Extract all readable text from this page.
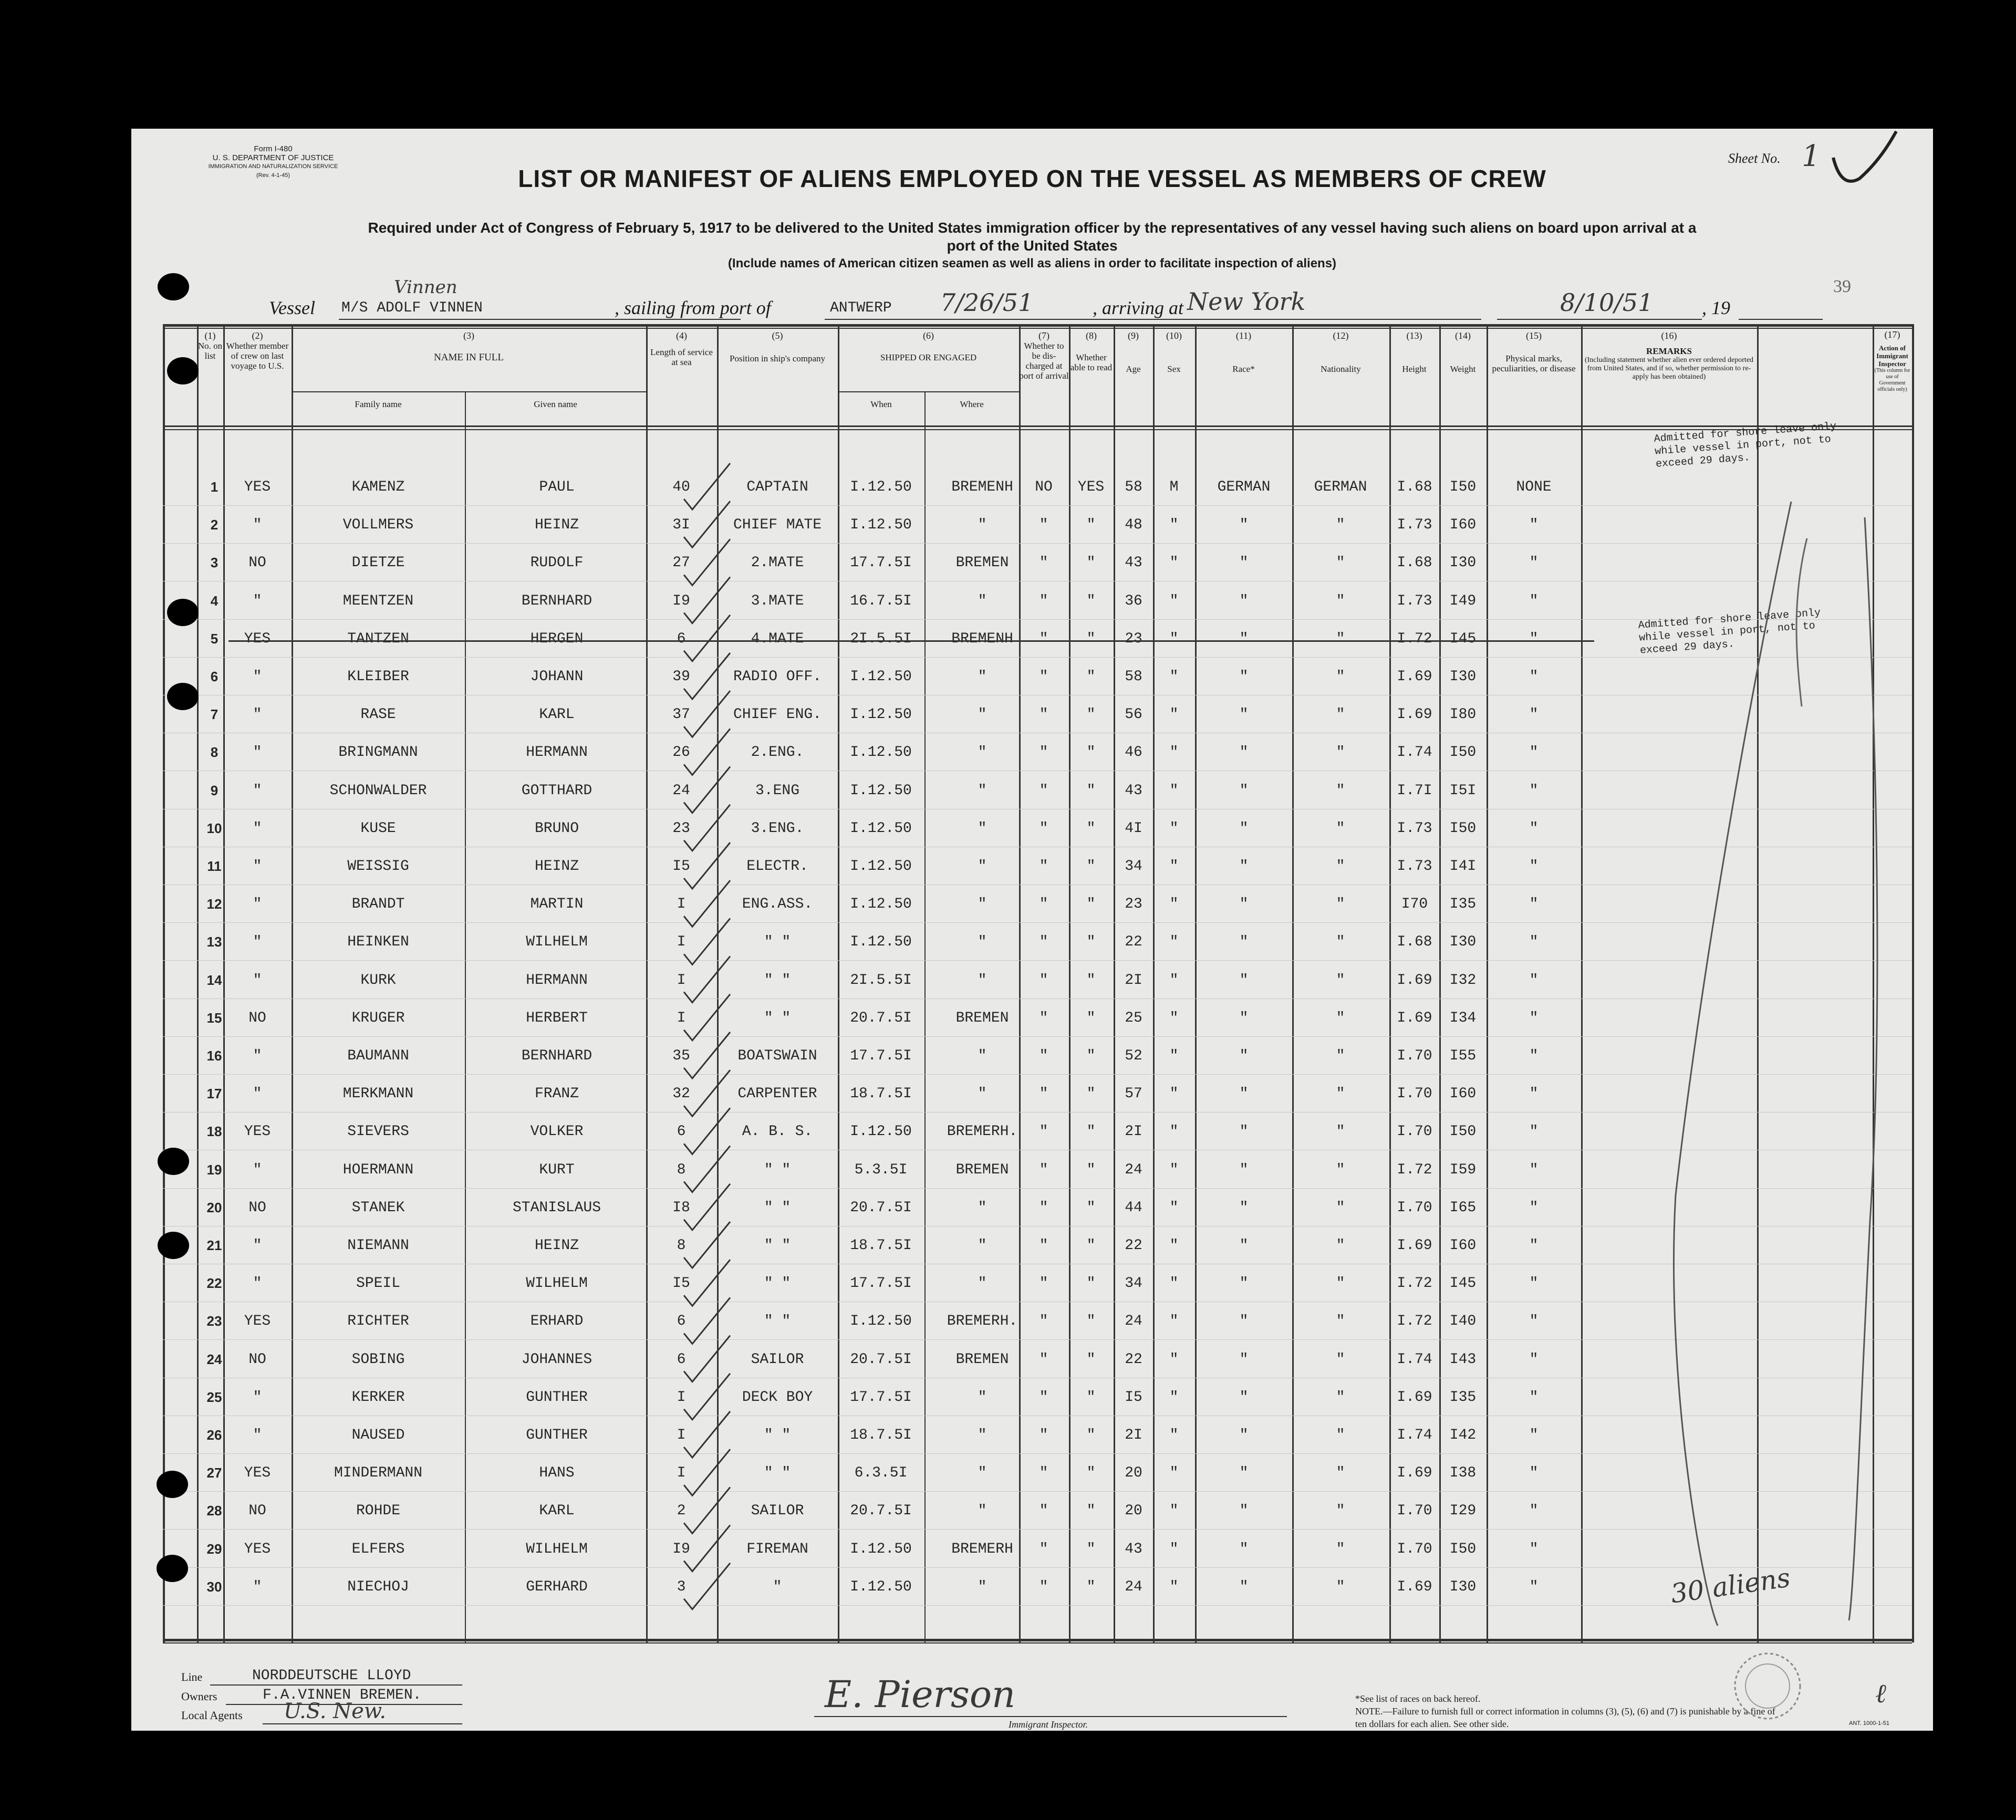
Form I-480
U. S. DEPARTMENT OF JUSTICE
IMMIGRATION AND NATURALIZATION SERVICE
(Rev. 4-1-45)
Sheet No. 1
LIST OR MANIFEST OF ALIENS EMPLOYED ON THE VESSEL AS MEMBERS OF CREW
Required under Act of Congress of February 5, 1917 to be delivered to the United States immigration officer by the representatives of any vessel having such aliens on board upon arrival at a
port of the United States
(Include names of American citizen seamen as well as aliens in order to facilitate inspection of aliens)
39
Vessel M/S ADOLF VINNEN
Vinnen
, sailing from port of	ANTWERP 7/26/51	, arriving at New York	8/10/51	, 19
(1)
No. on list
(2)
Whether member of crew on last voyage to U.S.
(3)
NAME IN FULL
Family name	Given name
(4)
Length of service at sea
(5)
Position in ship's company
(6)
SHIPPED OR ENGAGED
When	Where
(7)
Whether to be dis-charged at port of arrival
(8)
Whether able to read
(9)
Age
(10)
Sex
(11)
Race*
(12)
Nationality
(13)
Height
(14)
Weight
(15)
Physical marks, peculiarities, or disease
(16)
REMARKS
(Including statement whether alien ever ordered deported from United States, and if so, whether permission to re-apply has been obtained)
(17)
Action of Immigrant Inspector
(This column for use of Government officials only)
1	YES	KAMENZ	PAUL	40	CAPTAIN	I.12.50	BREMENH	NO	YES	58	M	GERMAN	GERMAN	I.68	I50	NONE
2	"	VOLLMERS	HEINZ	3I	CHIEF MATE	I.12.50	"	"	"	48	"	"	"	I.73	I60	"
3	NO	DIETZE	RUDOLF	27	2.MATE	17.7.5I	BREMEN	"	"	43	"	"	"	I.68	I30	"
4	"	MEENTZEN	BERNHARD	I9	3.MATE	16.7.5I	"	"	"	36	"	"	"	I.73	I49	"
5	YES	TANTZEN	HERGEN	6	4.MATE	2I.5.5I	BREMENH	"	"	23	"	"	"	I.72	I45	"
6	"	KLEIBER	JOHANN	39	RADIO OFF.	I.12.50	"	"	"	58	"	"	"	I.69	I30	"
7	"	RASE	KARL	37	CHIEF ENG.	I.12.50	"	"	"	56	"	"	"	I.69	I80	"
8	"	BRINGMANN	HERMANN	26	2.ENG.	I.12.50	"	"	"	46	"	"	"	I.74	I50	"
9	"	SCHONWALDER	GOTTHARD	24	3.ENG	I.12.50	"	"	"	43	"	"	"	I.7I	I5I	"
10	"	KUSE	BRUNO	23	3.ENG.	I.12.50	"	"	"	4I	"	"	"	I.73	I50	"
11	"	WEISSIG	HEINZ	I5	ELECTR.	I.12.50	"	"	"	34	"	"	"	I.73	I4I	"
12	"	BRANDT	MARTIN	I	ENG.ASS.	I.12.50	"	"	"	23	"	"	"	I70	I35	"
13	"	HEINKEN	WILHELM	I	" "	I.12.50	"	"	"	22	"	"	"	I.68	I30	"
14	"	KURK	HERMANN	I	" "	2I.5.5I	"	"	"	2I	"	"	"	I.69	I32	"
15	NO	KRUGER	HERBERT	I	" "	20.7.5I	BREMEN	"	"	25	"	"	"	I.69	I34	"
16	"	BAUMANN	BERNHARD	35	BOATSWAIN	17.7.5I	"	"	"	52	"	"	"	I.70	I55	"
17	"	MERKMANN	FRANZ	32	CARPENTER	18.7.5I	"	"	"	57	"	"	"	I.70	I60	"
18	YES	SIEVERS	VOLKER	6	A. B. S.	I.12.50	BREMERH.	"	"	2I	"	"	"	I.70	I50	"
19	"	HOERMANN	KURT	8	" "	5.3.5I	BREMEN	"	"	24	"	"	"	I.72	I59	"
20	NO	STANEK	STANISLAUS	I8	" "	20.7.5I	"	"	"	44	"	"	"	I.70	I65	"
21	"	NIEMANN	HEINZ	8	" "	18.7.5I	"	"	"	22	"	"	"	I.69	I60	"
22	"	SPEIL	WILHELM	I5	" "	17.7.5I	"	"	"	34	"	"	"	I.72	I45	"
23	YES	RICHTER	ERHARD	6	" "	I.12.50	BREMERH.	"	"	24	"	"	"	I.72	I40	"
24	NO	SOBING	JOHANNES	6	SAILOR	20.7.5I	BREMEN	"	"	22	"	"	"	I.74	I43	"
25	"	KERKER	GUNTHER	I	DECK BOY	17.7.5I	"	"	"	I5	"	"	"	I.69	I35	"
26	"	NAUSED	GUNTHER	I	" "	18.7.5I	"	"	"	2I	"	"	"	I.74	I42	"
27	YES	MINDERMANN	HANS	I	" "	6.3.5I	"	"	"	20	"	"	"	I.69	I38	"
28	NO	ROHDE	KARL	2	SAILOR	20.7.5I	"	"	"	20	"	"	"	I.70	I29	"
29	YES	ELFERS	WILHELM	I9	FIREMAN	I.12.50	BREMERH	"	"	43	"	"	"	I.70	I50	"
30	"	NIECHOJ	GERHARD	3	"	I.12.50	"	"	"	24	"	"	"	I.69	I30	"
Admitted for shore leave only while vessel in port, not to exceed 29 days.
Admitted for shore leave only while vessel in port, not to exceed 29 days.
30 aliens
Line	NORDDEUTSCHE LLOYD
Owners	F.A.VINNEN BREMEN.
Local Agents U.S. New.	E. Pierson
Immigrant Inspector.
*See list of races on back hereof.
NOTE.—Failure to furnish full or correct information in columns (3), (5), (6) and (7) is punishable by a fine of ten dollars for each alien. See other side.
ℓ
ANT. 1000-1-51
